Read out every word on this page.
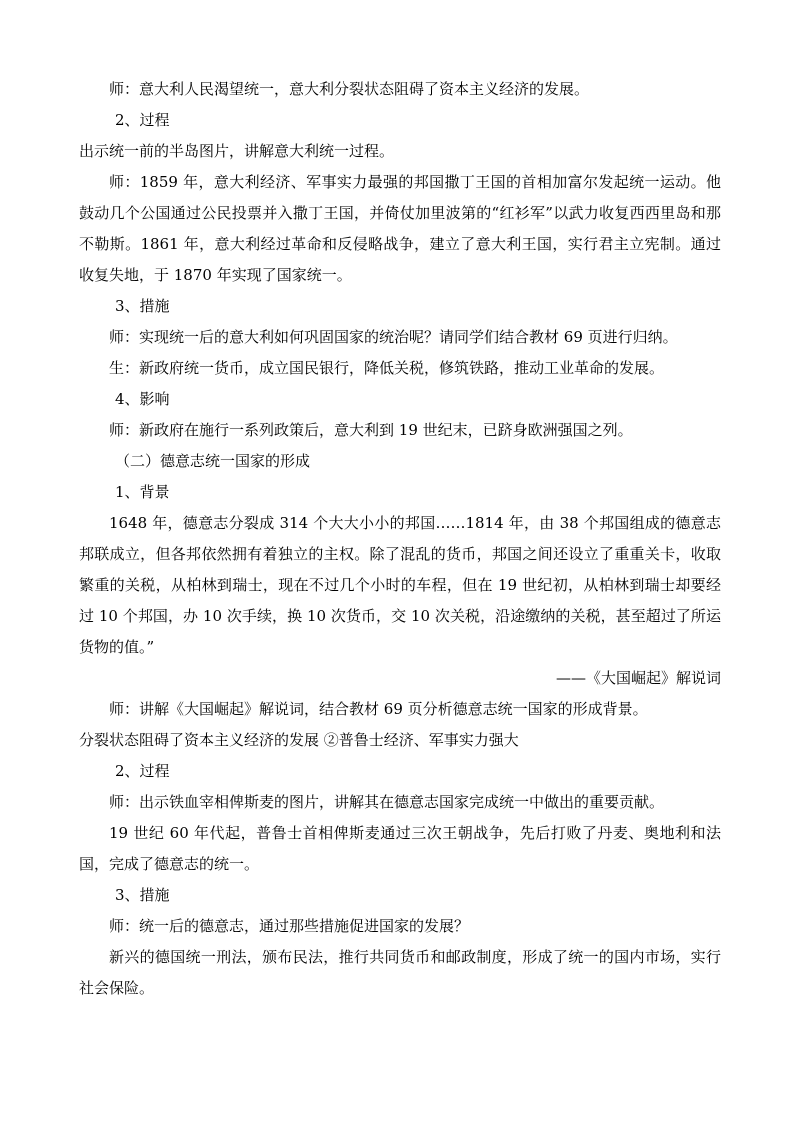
师：意大利人民渴望统一，意大利分裂状态阻碍了资本主义经济的发展。
2、过程
出示统一前的半岛图片，讲解意大利统一过程。

师：1859 年，意大利经济、军事实力最强的邦国撒丁王国的首相加富尔发起统一运动。他鼓动几个公国通过公民投票并入撒丁王国，并倚仗加里波第的“红衫军”以武力收复西西里岛和那不勒斯。1861 年，意大利经过革命和反侵略战争，建立了意大利王国，实行君主立宪制。通过收复失地，于 1870 年实现了国家统一。

3、措施
师：实现统一后的意大利如何巩固国家的统治呢？请同学们结合教材 69 页进行归纳。
生：新政府统一货币，成立国民银行，降低关税，修筑铁路，推动工业革命的发展。
4、影响
师：新政府在施行一系列政策后，意大利到 19 世纪末，已跻身欧洲强国之列。
（二）德意志统一国家的形成
1、背景

1648 年，德意志分裂成 314 个大大小小的邦国……1814 年，由 38 个邦国组成的德意志邦联成立，但各邦依然拥有着独立的主权。除了混乱的货币，邦国之间还设立了重重关卡，收取繁重的关税，从柏林到瑞士，现在不过几个小时的车程，但在 19 世纪初，从柏林到瑞士却要经过 10 个邦国，办 10 次手续，换 10 次货币，交 10 次关税，沿途缴纳的关税，甚至超过了所运货物的值。”

——《大国崛起》解说词
师：讲解《大国崛起》解说词，结合教材 69 页分析德意志统一国家的形成背景。
分裂状态阻碍了资本主义经济的发展 ②普鲁士经济、军事实力强大
2、过程
师：出示铁血宰相俾斯麦的图片，讲解其在德意志国家完成统一中做出的重要贡献。

19 世纪 60 年代起，普鲁士首相俾斯麦通过三次王朝战争，先后打败了丹麦、奥地利和法国，完成了德意志的统一。

3、措施
师：统一后的德意志，通过那些措施促进国家的发展？

新兴的德国统一刑法，颁布民法，推行共同货币和邮政制度，形成了统一的国内市场，实行社会保险。
